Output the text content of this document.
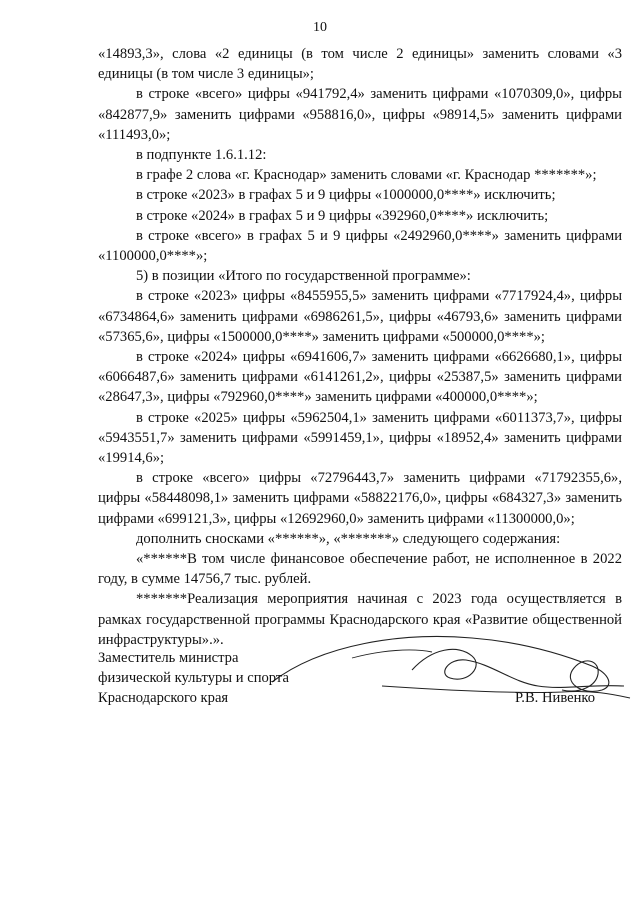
10

«14893,3», слова «2 единицы (в том числе 2 единицы» заменить словами «3 единицы (в том числе 3 единицы»;

в строке «всего» цифры «941792,4» заменить цифрами «1070309,0», цифры «842877,9» заменить цифрами «958816,0», цифры «98914,5» заменить цифрами «111493,0»;

в подпункте 1.6.1.12:

в графе 2 слова «г. Краснодар» заменить словами «г. Краснодар *******»;

в строке «2023» в графах 5 и 9 цифры «1000000,0****» исключить;

в строке «2024» в графах 5 и 9 цифры «392960,0****» исключить;

в строке «всего» в графах 5 и 9 цифры «2492960,0****» заменить цифрами «1100000,0****»;

5) в позиции «Итого по государственной программе»:

в строке «2023» цифры «8455955,5» заменить цифрами «7717924,4», цифры «6734864,6» заменить цифрами «6986261,5», цифры «46793,6» заменить цифрами «57365,6», цифры «1500000,0****» заменить цифрами «500000,0****»;

в строке «2024» цифры «6941606,7» заменить цифрами «6626680,1», цифры «6066487,6» заменить цифрами «6141261,2», цифры «25387,5» заменить цифрами «28647,3», цифры «792960,0****» заменить цифрами «400000,0****»;

в строке «2025» цифры «5962504,1» заменить цифрами «6011373,7», цифры «5943551,7» заменить цифрами «5991459,1», цифры «18952,4» заменить цифрами «19914,6»;

в строке «всего» цифры «72796443,7» заменить цифрами «71792355,6», цифры «58448098,1» заменить цифрами «58822176,0», цифры «684327,3» заменить цифрами «699121,3», цифры «12692960,0» заменить цифрами «11300000,0»;

дополнить сносками «******», «*******» следующего содержания:

«******В том числе финансовое обеспечение работ, не исполненное в 2022 году, в сумме 14756,7 тыс. рублей.

*******Реализация мероприятия начиная с 2023 года осуществляется в рамках государственной программы Краснодарского края «Развитие общественной инфраструктуры».».

Заместитель министра
физической культуры и спорта
Краснодарского края	Р.В. Нивенко
